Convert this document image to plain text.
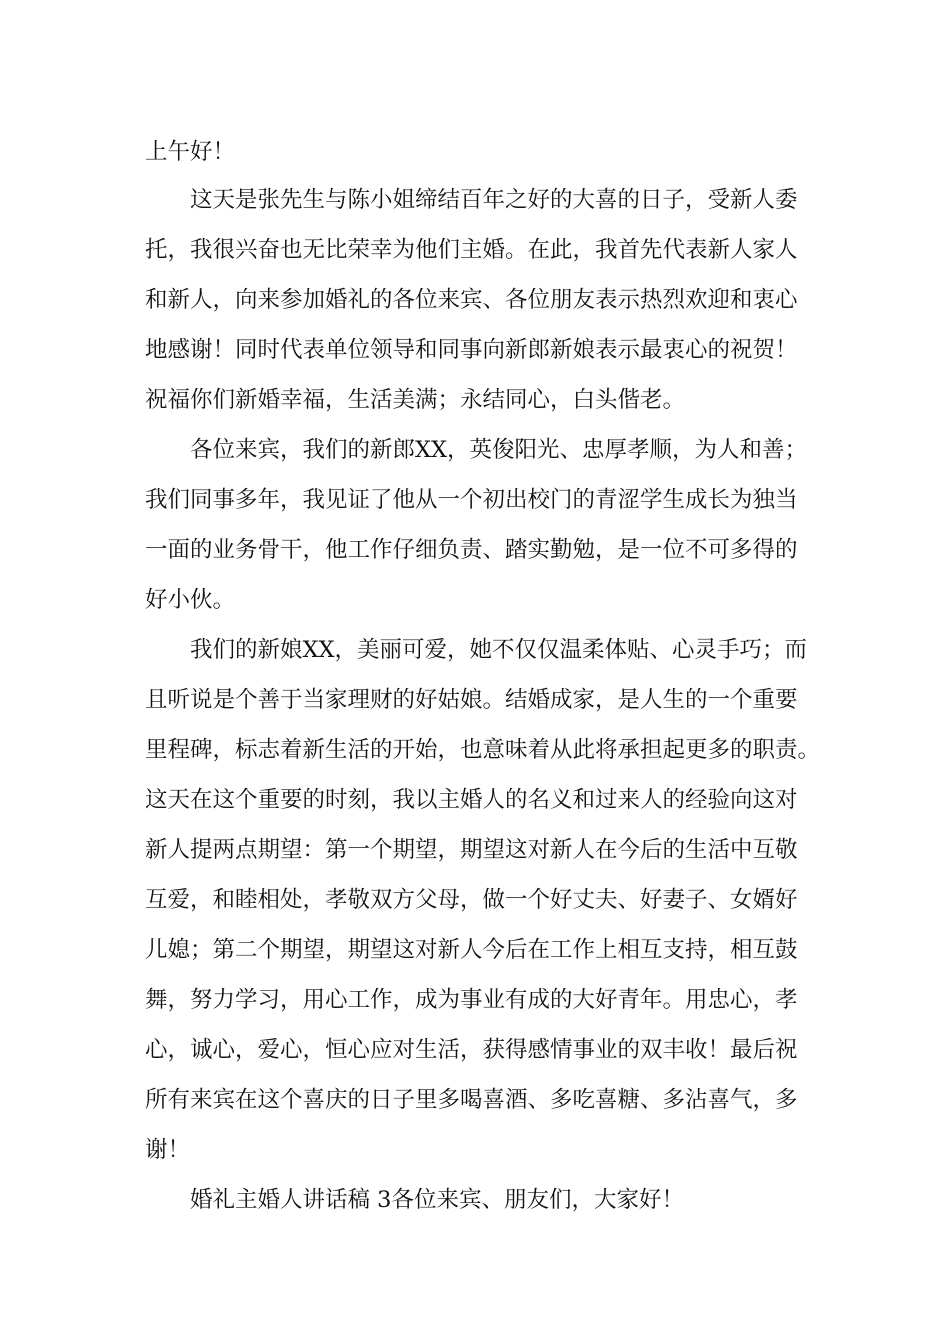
上午好！
这天是张先生与陈小姐缔结百年之好的大喜的日子，受新人委
托，我很兴奋也无比荣幸为他们主婚。在此，我首先代表新人家人
和新人，向来参加婚礼的各位来宾、各位朋友表示热烈欢迎和衷心
地感谢！同时代表单位领导和同事向新郎新娘表示最衷心的祝贺！
祝福你们新婚幸福，生活美满；永结同心，白头偕老。
各位来宾，我们的新郎XX，英俊阳光、忠厚孝顺，为人和善；
我们同事多年，我见证了他从一个初出校门的青涩学生成长为独当
一面的业务骨干，他工作仔细负责、踏实勤勉，是一位不可多得的
好小伙。
我们的新娘XX，美丽可爱，她不仅仅温柔体贴、心灵手巧；而
且听说是个善于当家理财的好姑娘。结婚成家，是人生的一个重要
里程碑，标志着新生活的开始，也意味着从此将承担起更多的职责。
这天在这个重要的时刻，我以主婚人的名义和过来人的经验向这对
新人提两点期望：第一个期望，期望这对新人在今后的生活中互敬
互爱，和睦相处，孝敬双方父母，做一个好丈夫、好妻子、女婿好
儿媳；第二个期望，期望这对新人今后在工作上相互支持，相互鼓
舞，努力学习，用心工作，成为事业有成的大好青年。用忠心，孝
心，诚心，爱心，恒心应对生活，获得感情事业的双丰收！最后祝
所有来宾在这个喜庆的日子里多喝喜酒、多吃喜糖、多沾喜气，多
谢！
婚礼主婚人讲话稿 3各位来宾、朋友们，大家好！
